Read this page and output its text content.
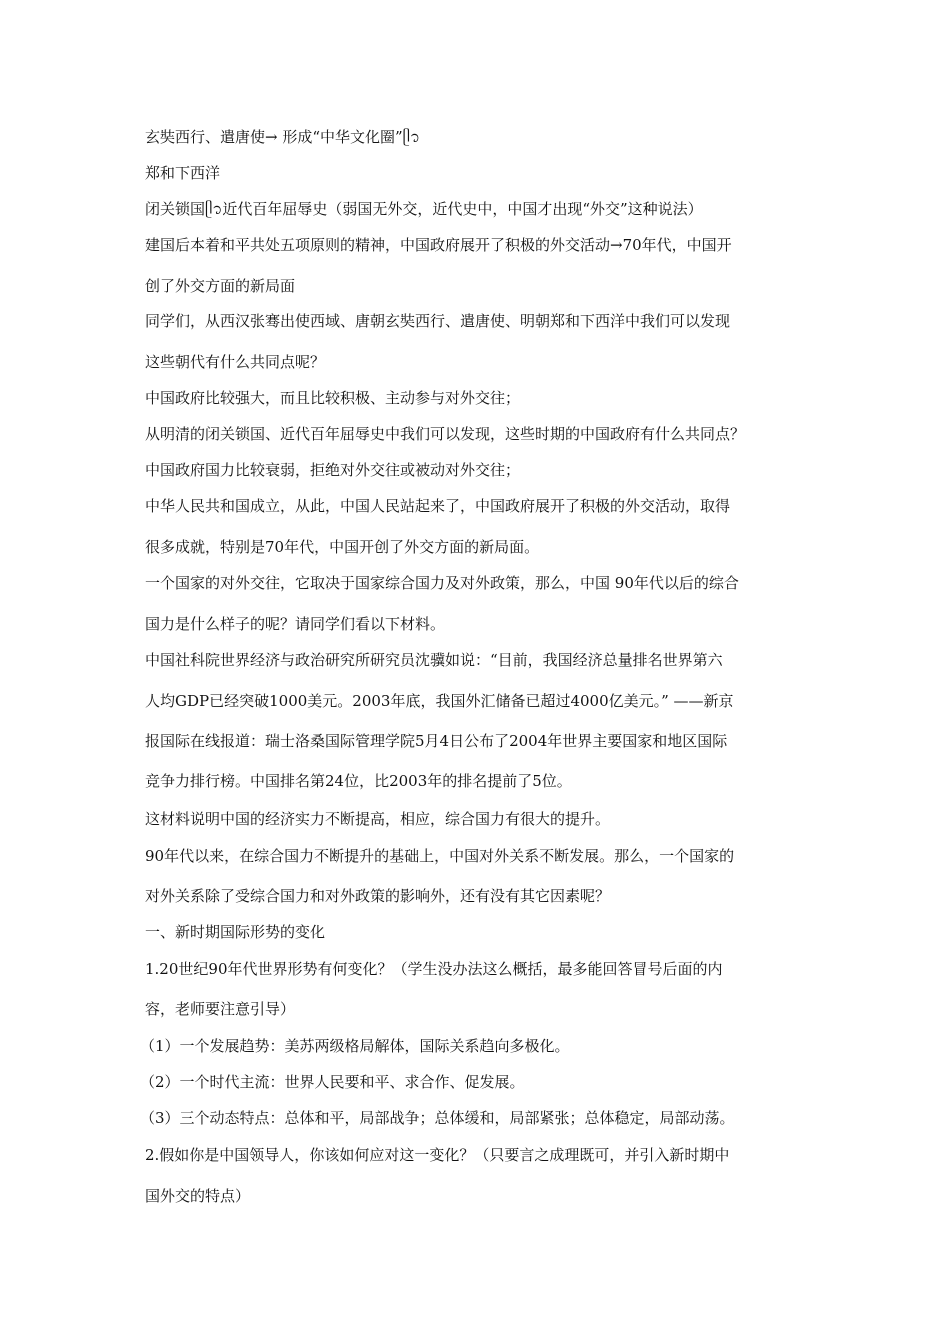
玄奘西行、遣唐使→ 形成“中华文化圈”ᥫ᭡
郑和下西洋
闭关锁国ᥫ᭡近代百年屈辱史（弱国无外交，近代史中，中国才出现“外交”这种说法）
建国后本着和平共处五项原则的精神，中国政府展开了积极的外交活动→70年代，中国开
创了外交方面的新局面
同学们，从西汉张骞出使西域、唐朝玄奘西行、遣唐使、明朝郑和下西洋中我们可以发现
这些朝代有什么共同点呢？
中国政府比较强大，而且比较积极、主动参与对外交往；
从明清的闭关锁国、近代百年屈辱史中我们可以发现，这些时期的中国政府有什么共同点？
中国政府国力比较衰弱，拒绝对外交往或被动对外交往；
中华人民共和国成立，从此，中国人民站起来了，中国政府展开了积极的外交活动，取得
很多成就，特别是70年代，中国开创了外交方面的新局面。
一个国家的对外交往，它取决于国家综合国力及对外政策，那么，中国 90年代以后的综合
国力是什么样子的呢？请同学们看以下材料。
中国社科院世界经济与政治研究所研究员沈骥如说：“目前，我国经济总量排名世界第六
人均GDP已经突破1000美元。2003年底，我国外汇储备已超过4000亿美元。” ——新京
报国际在线报道：瑞士洛桑国际管理学院5月4日公布了2004年世界主要国家和地区国际
竞争力排行榜。中国排名第24位，比2003年的排名提前了5位。
这材料说明中国的经济实力不断提高，相应，综合国力有很大的提升。
90年代以来，在综合国力不断提升的基础上，中国对外关系不断发展。那么，一个国家的
对外关系除了受综合国力和对外政策的影响外，还有没有其它因素呢？
一、新时期国际形势的变化
1.20世纪90年代世界形势有何变化？（学生没办法这么概括，最多能回答冒号后面的内
容，老师要注意引导）
（1）一个发展趋势：美苏两级格局解体，国际关系趋向多极化。
（2）一个时代主流：世界人民要和平、求合作、促发展。
（3）三个动态特点：总体和平，局部战争；总体缓和，局部紧张；总体稳定，局部动荡。
2.假如你是中国领导人，你该如何应对这一变化？（只要言之成理既可，并引入新时期中
国外交的特点）
